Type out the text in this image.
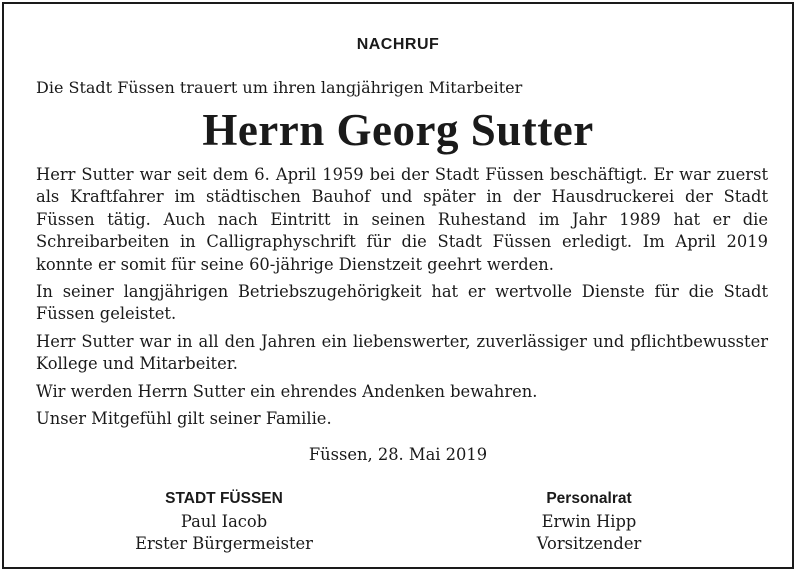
NACHRUF
Die Stadt Füssen trauert um ihren langjährigen Mitarbeiter
Herrn Georg Sutter

Herr Sutter war seit dem 6. April 1959 bei der Stadt Füssen beschäftigt. Er war zuerst als Kraftfahrer im städtischen Bauhof und später in der Hausdruckerei der Stadt Füssen tätig. Auch nach Eintritt in seinen Ruhestand im Jahr 1989 hat er die Schreibarbeiten in Calligraphyschrift für die Stadt Füssen erledigt. Im April 2019 konnte er somit für seine 60-jährige Dienstzeit geehrt werden.

In seiner langjährigen Betriebszugehörigkeit hat er wertvolle Dienste für die Stadt Füssen geleistet.

Herr Sutter war in all den Jahren ein liebenswerter, zuverlässiger und pflichtbewusster Kollege und Mitarbeiter.

Wir werden Herrn Sutter ein ehrendes Andenken bewahren.

Unser Mitgefühl gilt seiner Familie.

Füssen, 28. Mai 2019
STADT FÜSSEN
Paul Iacob
Erster Bürgermeister
Personalrat
Erwin Hipp
Vorsitzender
